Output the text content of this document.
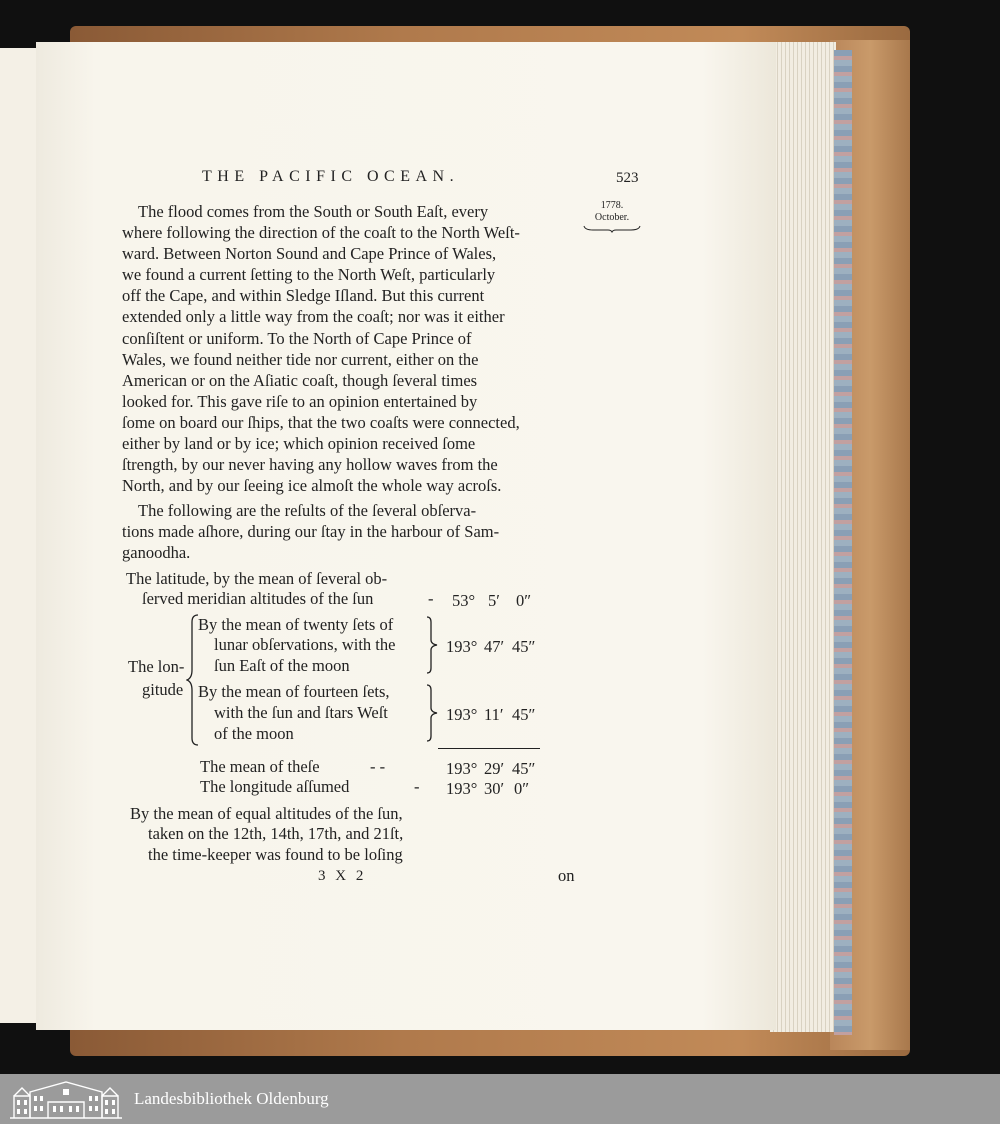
THE PACIFIC OCEAN.	523
1778.
October.
The flood comes from the South or South Eaſt, every
where following the direction of the coaſt to the North Weſt-
ward. Between Norton Sound and Cape Prince of Wales,
we found a current ſetting to the North Weſt, particularly
off the Cape, and within Sledge Iſland. But this current
extended only a little way from the coaſt; nor was it either
conſiſtent or uniform. To the North of Cape Prince of
Wales, we found neither tide nor current, either on the
American or on the Aſiatic coaſt, though ſeveral times
looked for. This gave riſe to an opinion entertained by
ſome on board our ſhips, that the two coaſts were connected,
either by land or by ice; which opinion received ſome
ſtrength, by our never having any hollow waves from the
North, and by our ſeeing ice almoſt the whole way acroſs.
The following are the reſults of the ſeveral obſerva-
tions made aſhore, during our ſtay in the harbour of Sam-
ganoodha.
The latitude, by the mean of ſeveral ob-
ſerved meridian altitudes of the ſun	- 53° 5′ 0″
The lon-
gitude
By the mean of twenty ſets of
lunar obſervations, with the
ſun Eaſt of the moon
193° 47′ 45″
By the mean of fourteen ſets,
with the ſun and ſtars Weſt
of the moon
193° 11′ 45″
The mean of theſe	- -	193° 29′ 45″
The longitude aſſumed	- 193° 30′ 0″
By the mean of equal altitudes of the ſun,
taken on the 12th, 14th, 17th, and 21ſt,
the time-keeper was found to be loſing
3 X 2	on
Landesbibliothek Oldenburg
